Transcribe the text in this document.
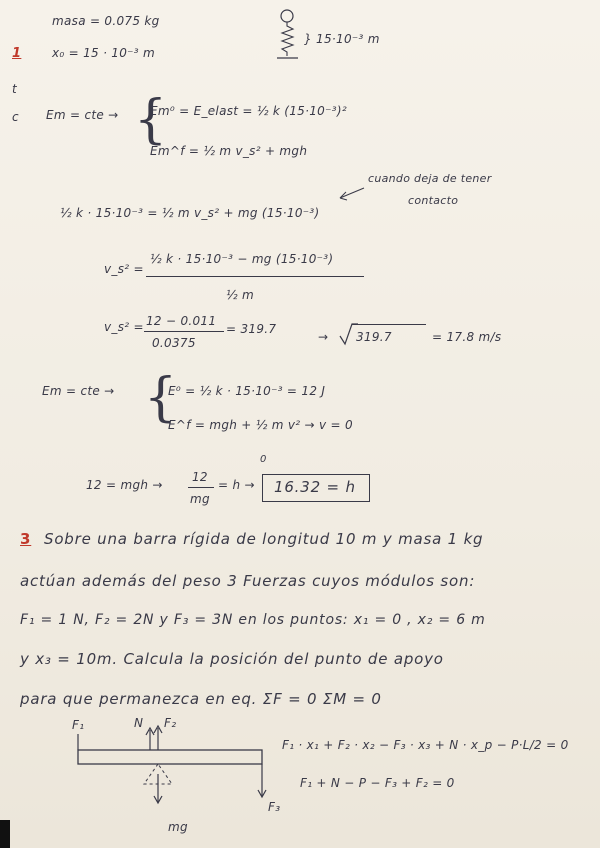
masa = 0.075 kg
x₀ = 15 · 10⁻³ m
} 15·10⁻³ m
1
t
c Em = cte → {
Em⁰ = E_elast = ½ k (15·10⁻³)²
Em^f = ½ m v_s² + mgh
cuando deja de tener
contacto
½ k · 15·10⁻³ = ½ m v_s² + mg (15·10⁻³)
v_s² =
½ k · 15·10⁻³ − mg (15·10⁻³)
½ m
v_s² = 12 − 0.011
0.0375
= 319.7
→ 319.7	= 17.8 m/s
Em = cte → {
E⁰ = ½ k · 15·10⁻³ = 12 J
E^f = mgh + ½ m v² → v = 0
0
12 = mgh →
12
mg
= h → 16.32 = h
3 Sobre una barra rígida de longitud 10 m y masa 1 kg
actúan además del peso 3 Fuerzas cuyos módulos son:
F₁ = 1 N, F₂ = 2N y F₃ = 3N en los puntos: x₁ = 0 , x₂ = 6 m
y x₃ = 10m. Calcula la posición del punto de apoyo
para que permanezca en eq. ΣF = 0 ΣM = 0
F₁	N F₂
F₃
mg
F₁ · x₁ + F₂ · x₂ − F₃ · x₃ + N · x_p − P·L/2 = 0
F₁ + N − P − F₃ + F₂ = 0
